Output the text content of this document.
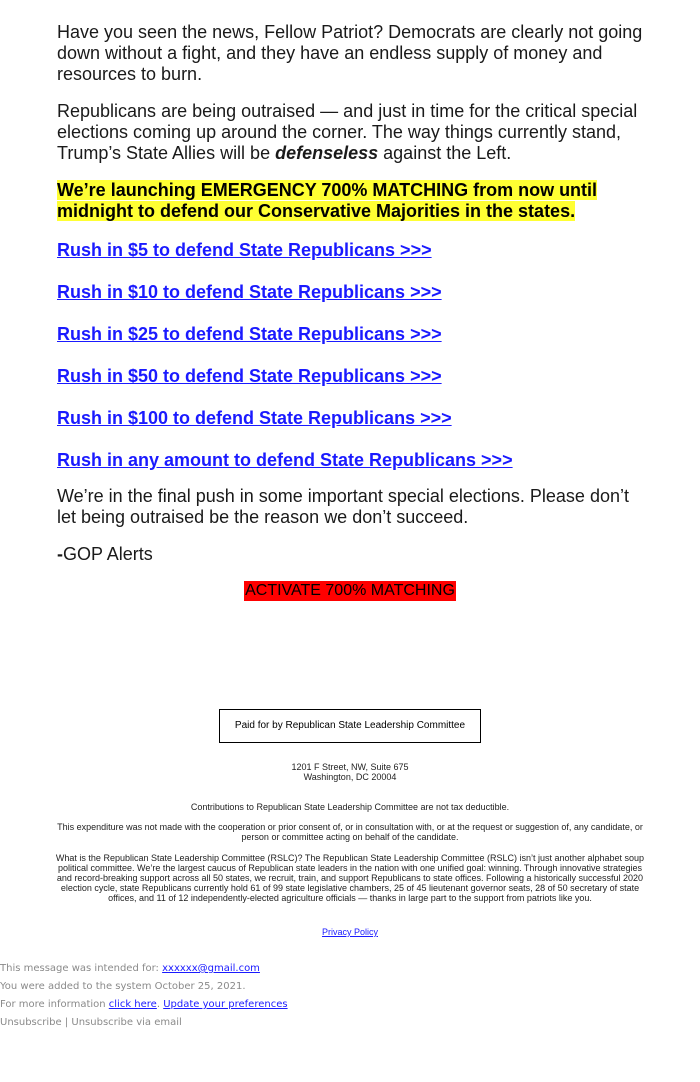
Have you seen the news, Fellow Patriot? Democrats are clearly not going down without a fight, and they have an endless supply of money and resources to burn.

Republicans are being outraised — and just in time for the critical special elections coming up around the corner. The way things currently stand, Trump’s State Allies will be defenseless against the Left.

We’re launching EMERGENCY 700% MATCHING from now until midnight to defend our Conservative Majorities in the states.

Rush in $5 to defend State Republicans >>>
Rush in $10 to defend State Republicans >>>
Rush in $25 to defend State Republicans >>>
Rush in $50 to defend State Republicans >>>
Rush in $100 to defend State Republicans >>>
Rush in any amount to defend State Republicans >>>

We’re in the final push in some important special elections. Please don’t let being outraised be the reason we don’t succeed.

-GOP Alerts

ACTIVATE 700% MATCHING
Paid for by Republican State Leadership Committee
1201 F Street, NW, Suite 675
Washington, DC 20004
Contributions to Republican State Leadership Committee are not tax deductible.
This expenditure was not made with the cooperation or prior consent of, or in consultation with, or at the request or suggestion of, any candidate, or person or committee acting on behalf of the candidate.
What is the Republican State Leadership Committee (RSLC)? The Republican State Leadership Committee (RSLC) isn’t just another alphabet soup political committee. We’re the largest caucus of Republican state leaders in the nation with one unified goal: winning. Through innovative strategies and record-breaking support across all 50 states, we recruit, train, and support Republicans to state offices. Following a historically successful 2020 election cycle, state Republicans currently hold 61 of 99 state legislative chambers, 25 of 45 lieutenant governor seats, 28 of 50 secretary of state offices, and 11 of 12 independently-elected agriculture officials — thanks in large part to the support from patriots like you.
Privacy Policy
This message was intended for: xxxxxx@gmail.com
You were added to the system October 25, 2021.
For more information click here. Update your preferences
Unsubscribe | Unsubscribe via email
